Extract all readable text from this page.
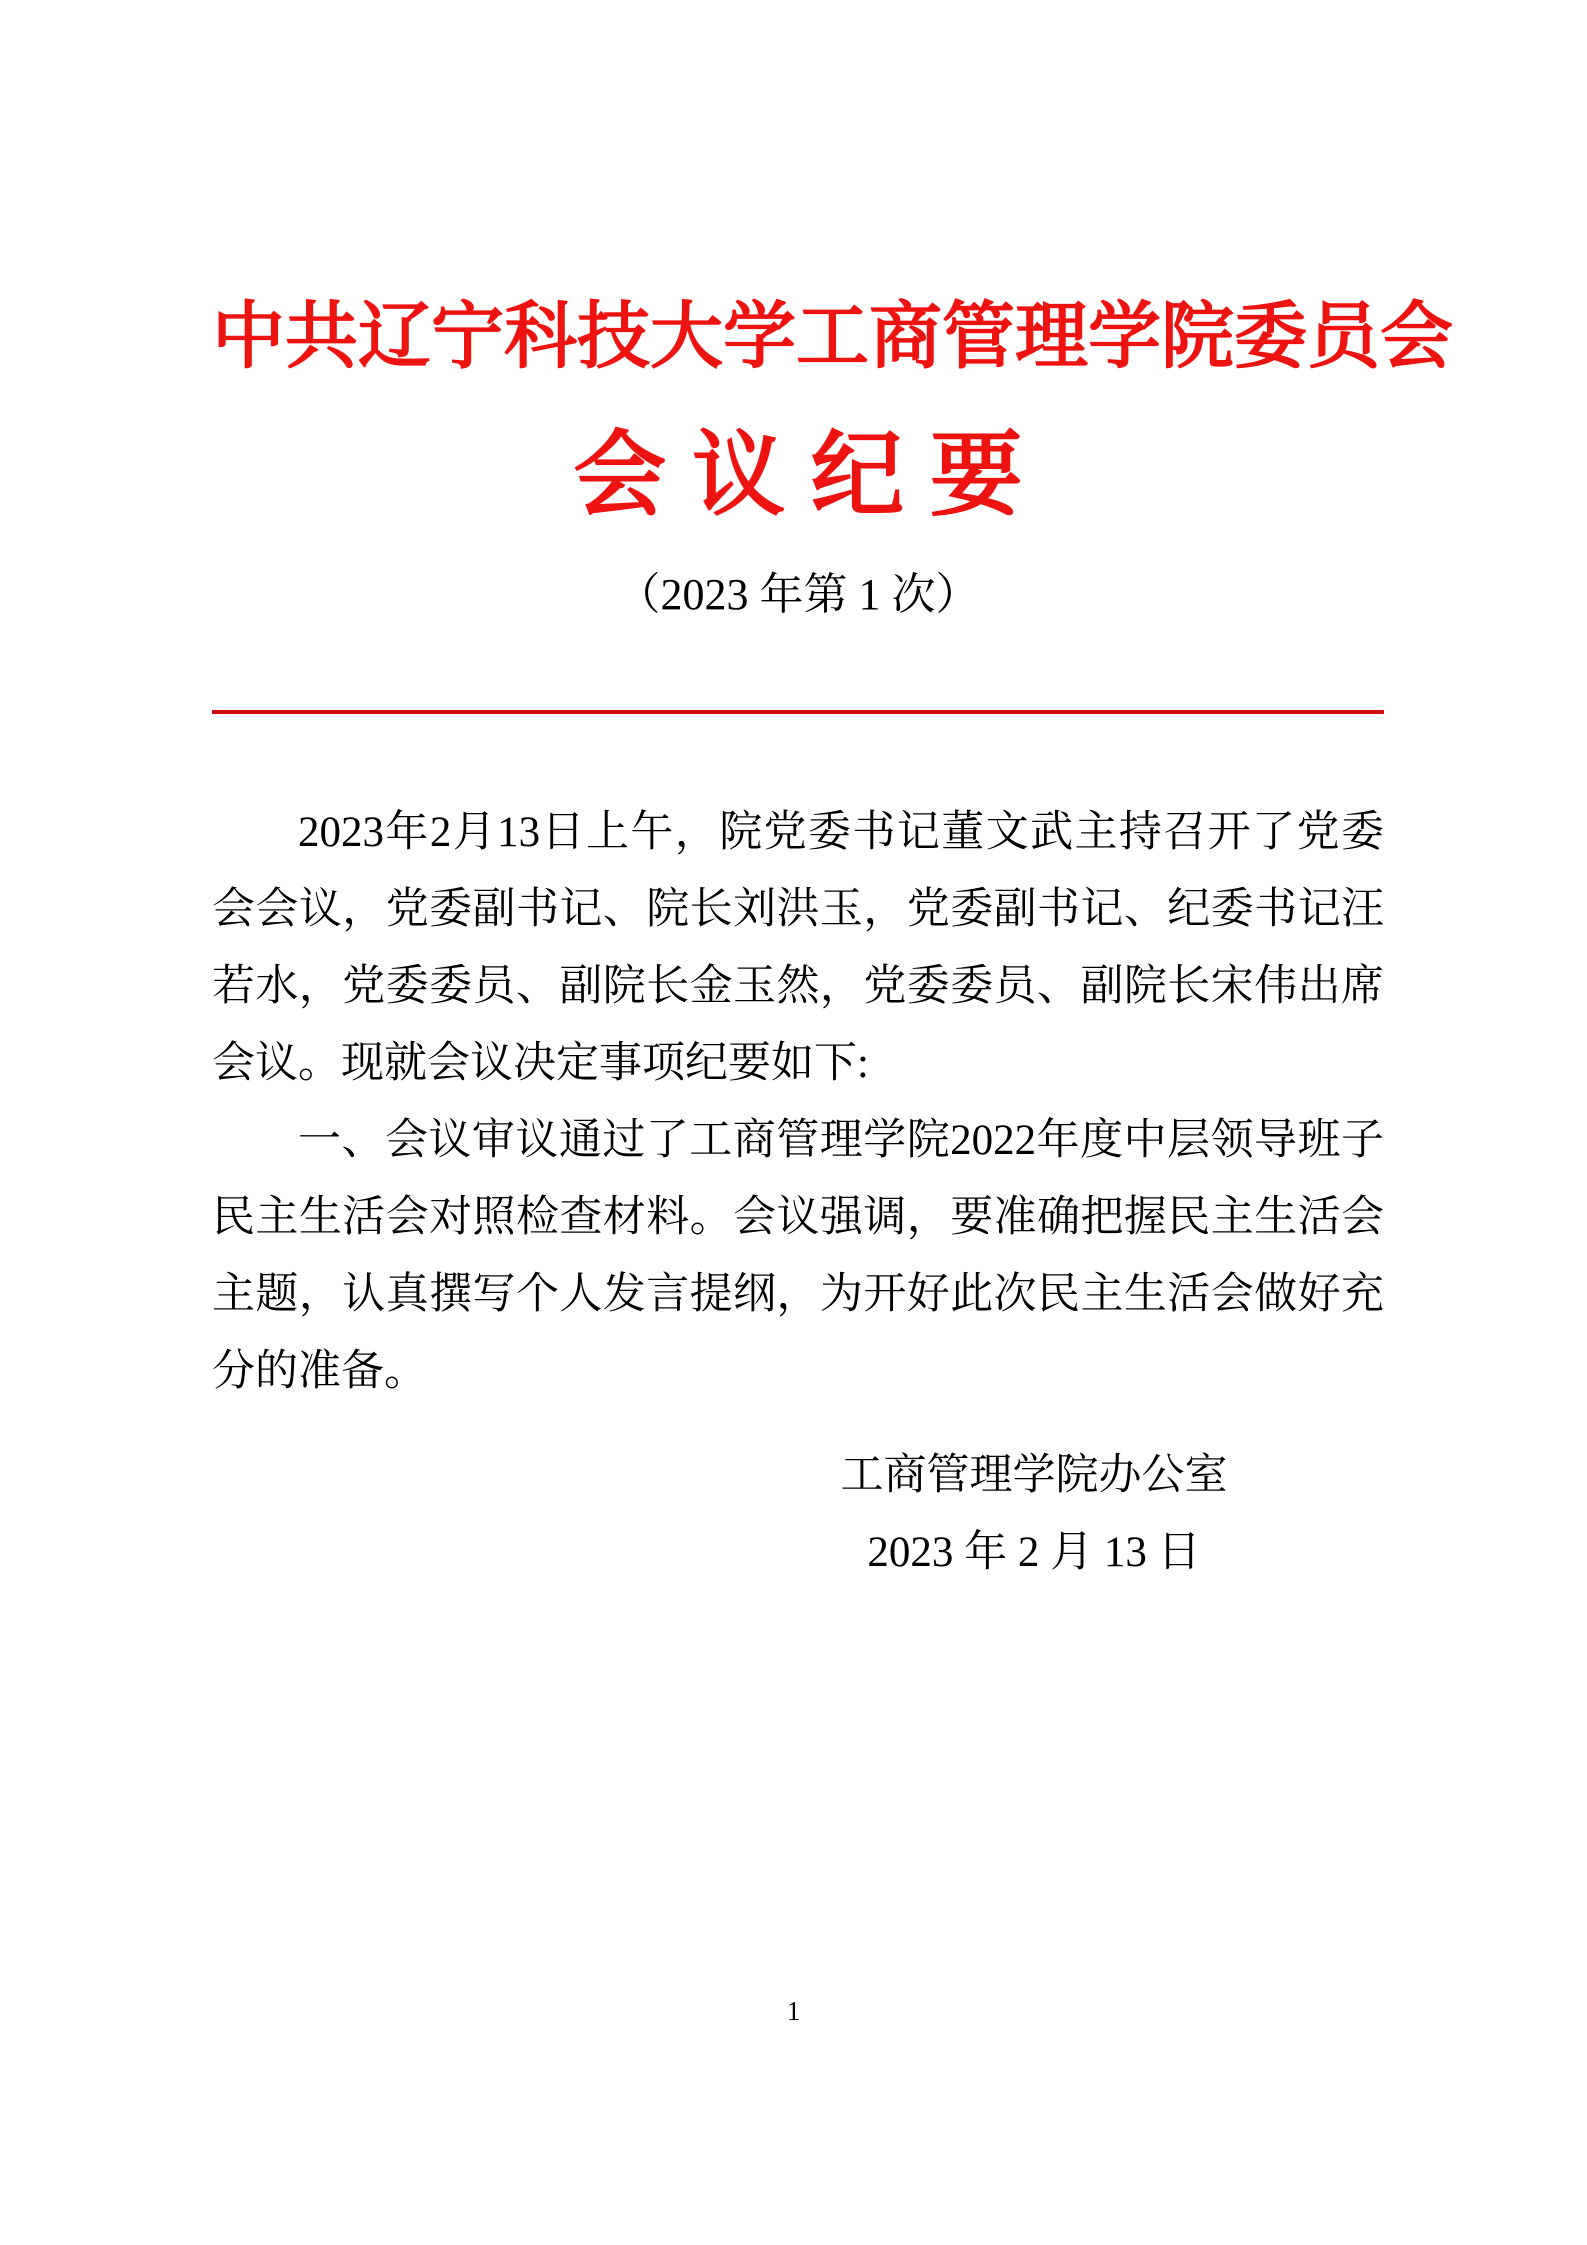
中共辽宁科技大学工商管理学院委员会
会 议 纪 要
（2023 年第 1 次）

2023年2月13日上午，院党委书记董文武主持召开了党委会会议，党委副书记、院长刘洪玉，党委副书记、纪委书记汪若水，党委委员、副院长金玉然，党委委员、副院长宋伟出席会议。现就会议决定事项纪要如下:

一、会议审议通过了工商管理学院2022年度中层领导班子民主生活会对照检查材料。会议强调，要准确把握民主生活会主题，认真撰写个人发言提纲，为开好此次民主生活会做好充分的准备。

工商管理学院办公室
2023 年 2 月 13 日
1
